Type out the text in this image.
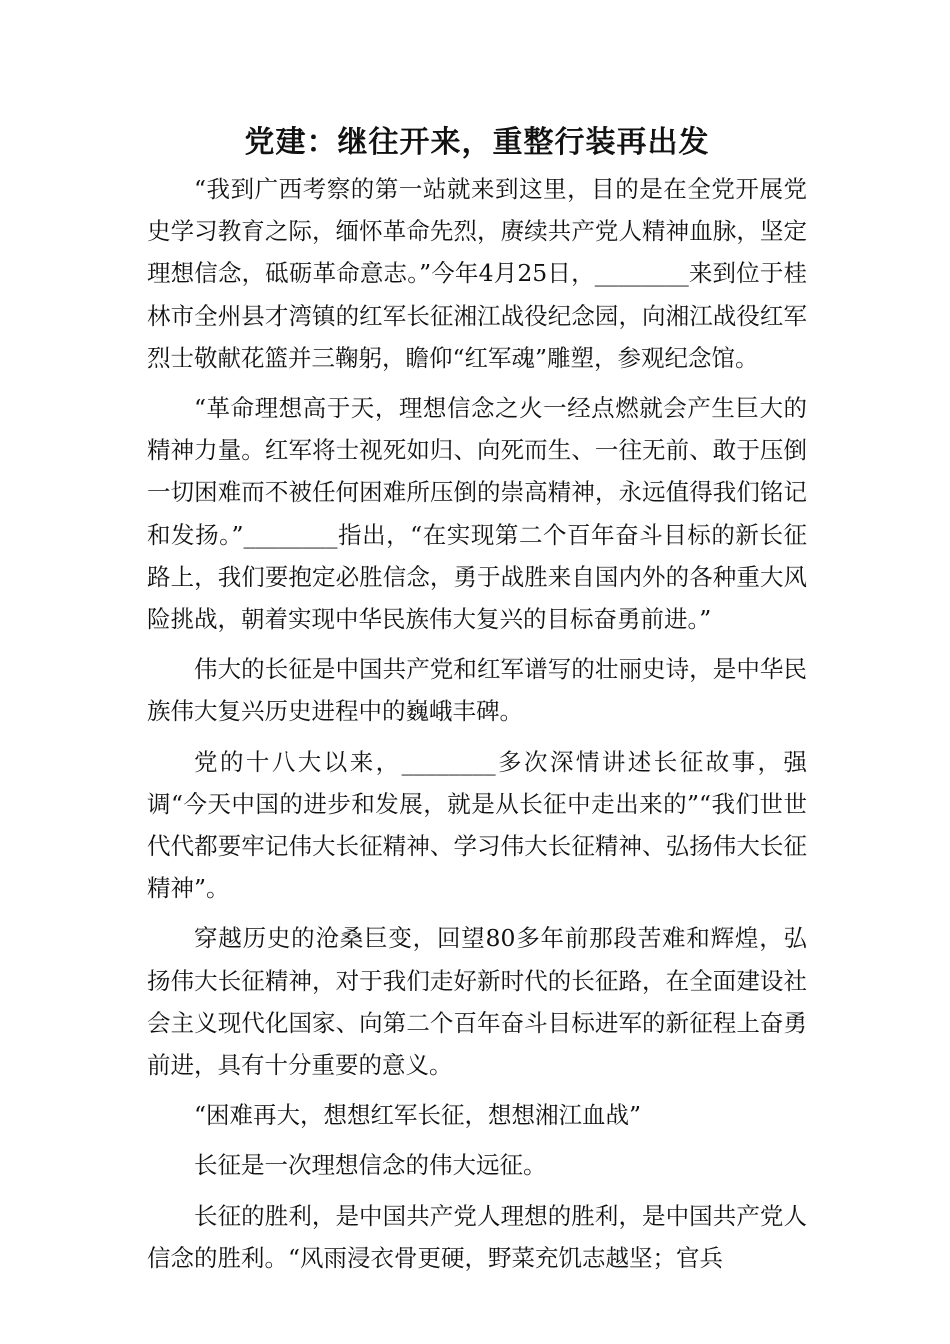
党建：继往开来，重整行装再出发

“我到广西考察的第一站就来到这里，目的是在全党开展党史学习教育之际，缅怀革命先烈，赓续共产党人精神血脉，坚定理想信念，砥砺革命意志。”今年4月25日，________来到位于桂林市全州县才湾镇的红军长征湘江战役纪念园，向湘江战役红军烈士敬献花篮并三鞠躬，瞻仰“红军魂”雕塑，参观纪念馆。

“革命理想高于天，理想信念之火一经点燃就会产生巨大的精神力量。红军将士视死如归、向死而生、一往无前、敢于压倒一切困难而不被任何困难所压倒的崇高精神，永远值得我们铭记和发扬。”________指出，“在实现第二个百年奋斗目标的新长征路上，我们要抱定必胜信念，勇于战胜来自国内外的各种重大风险挑战，朝着实现中华民族伟大复兴的目标奋勇前进。”

伟大的长征是中国共产党和红军谱写的壮丽史诗，是中华民族伟大复兴历史进程中的巍峨丰碑。

党的十八大以来，________多次深情讲述长征故事，强调“今天中国的进步和发展，就是从长征中走出来的”“我们世世代代都要牢记伟大长征精神、学习伟大长征精神、弘扬伟大长征精神”。

穿越历史的沧桑巨变，回望80多年前那段苦难和辉煌，弘扬伟大长征精神，对于我们走好新时代的长征路，在全面建设社会主义现代化国家、向第二个百年奋斗目标进军的新征程上奋勇前进，具有十分重要的意义。

“困难再大，想想红军长征，想想湘江血战”

长征是一次理想信念的伟大远征。

长征的胜利，是中国共产党人理想的胜利，是中国共产党人信念的胜利。“风雨浸衣骨更硬，野菜充饥志越坚；官兵
